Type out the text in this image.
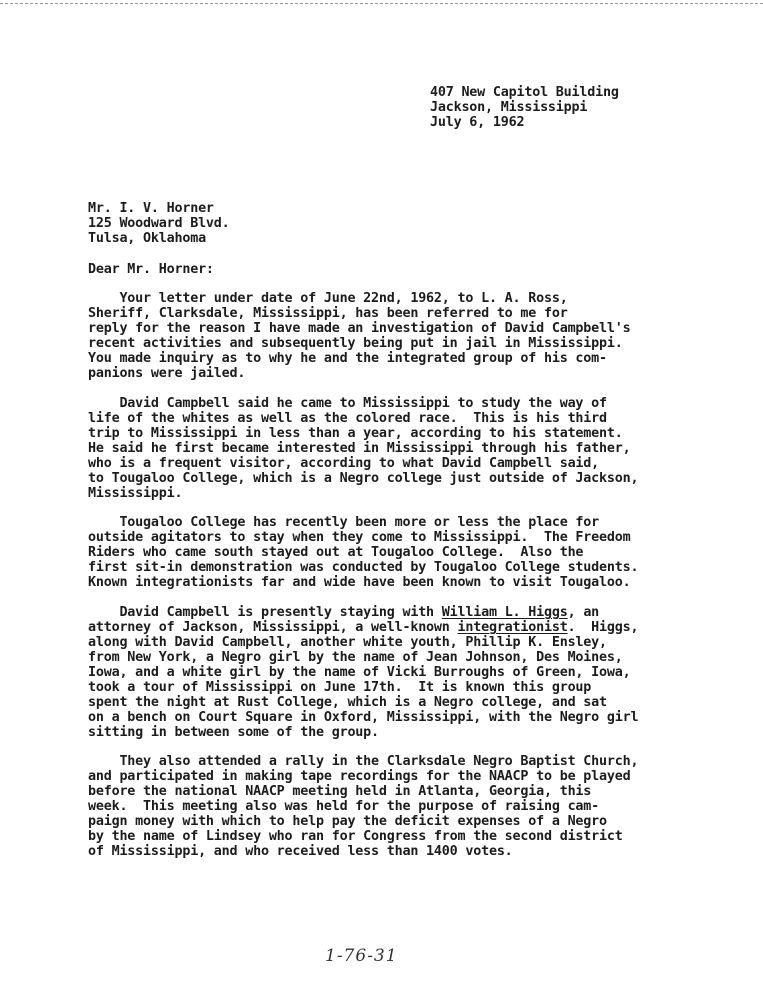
407 New Capitol Building
Jackson, Mississippi
July 6, 1962
Mr. I. V. Horner
125 Woodward Blvd.
Tulsa, Oklahoma
Dear Mr. Horner:
Your letter under date of June 22nd, 1962, to L. A. Ross,
Sheriff, Clarksdale, Mississippi, has been referred to me for
reply for the reason I have made an investigation of David Campbell's
recent activities and subsequently being put in jail in Mississippi.
You made inquiry as to why he and the integrated group of his com-
panions were jailed.
David Campbell said he came to Mississippi to study the way of
life of the whites as well as the colored race.  This is his third
trip to Mississippi in less than a year, according to his statement.
He said he first became interested in Mississippi through his father,
who is a frequent visitor, according to what David Campbell said,
to Tougaloo College, which is a Negro college just outside of Jackson,
Mississippi.
Tougaloo College has recently been more or less the place for
outside agitators to stay when they come to Mississippi.  The Freedom
Riders who came south stayed out at Tougaloo College.  Also the
first sit-in demonstration was conducted by Tougaloo College students.
Known integrationists far and wide have been known to visit Tougaloo.
David Campbell is presently staying with William L. Higgs, an
attorney of Jackson, Mississippi, a well-known integrationist.  Higgs,
along with David Campbell, another white youth, Phillip K. Ensley,
from New York, a Negro girl by the name of Jean Johnson, Des Moines,
Iowa, and a white girl by the name of Vicki Burroughs of Green, Iowa,
took a tour of Mississippi on June 17th.  It is known this group
spent the night at Rust College, which is a Negro college, and sat
on a bench on Court Square in Oxford, Mississippi, with the Negro girl
sitting in between some of the group.
They also attended a rally in the Clarksdale Negro Baptist Church,
and participated in making tape recordings for the NAACP to be played
before the national NAACP meeting held in Atlanta, Georgia, this
week.  This meeting also was held for the purpose of raising cam-
paign money with which to help pay the deficit expenses of a Negro
by the name of Lindsey who ran for Congress from the second district
of Mississippi, and who received less than 1400 votes.
1-76-31
